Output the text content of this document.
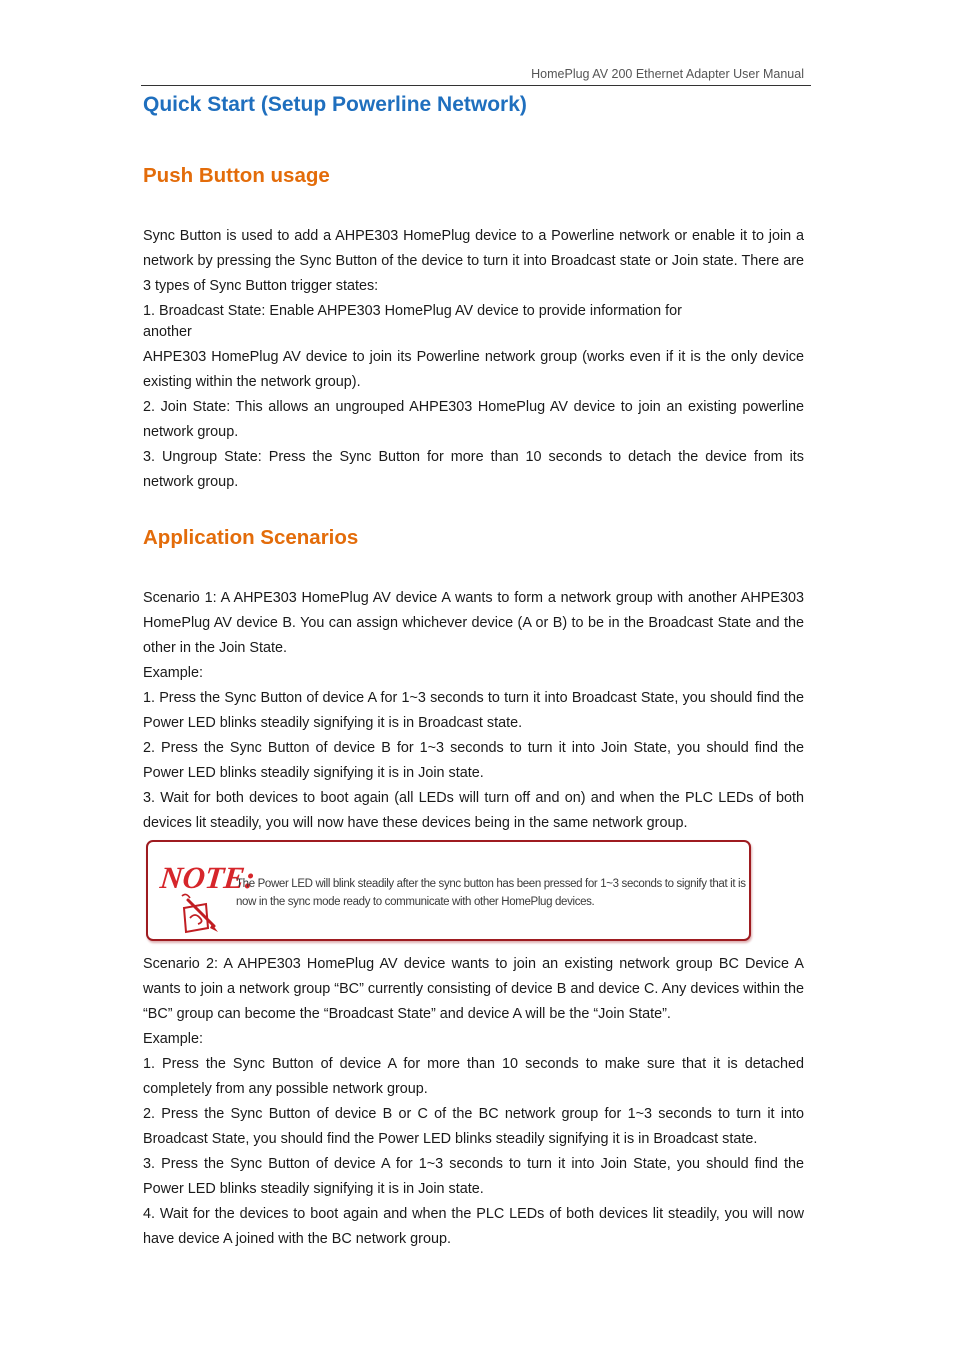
HomePlug AV 200 Ethernet Adapter User Manual
Quick Start (Setup Powerline Network)
Push Button usage

Sync Button is used to add a AHPE303 HomePlug device to a Powerline network or enable it to join a network by pressing the Sync Button of the device to turn it into Broadcast state or Join state. There are 3 types of Sync Button trigger states:

1. Broadcast State: Enable AHPE303 HomePlug AV device to provide information for

another

AHPE303 HomePlug AV device to join its Powerline network group (works even if it is the only device existing within the network group).

2. Join State: This allows an ungrouped AHPE303 HomePlug AV device to join an existing powerline network group.

3. Ungroup State: Press the Sync Button for more than 10 seconds to detach the device from its network group.

Application Scenarios

Scenario 1: A AHPE303 HomePlug AV device A wants to form a network group with another AHPE303 HomePlug AV device B. You can assign whichever device (A or B) to be in the Broadcast State and the other in the Join State.

Example:

1. Press the Sync Button of device A for 1~3 seconds to turn it into Broadcast State, you should find the Power LED blinks steadily signifying it is in Broadcast state.

2. Press the Sync Button of device B for 1~3 seconds to turn it into Join State, you should find the Power LED blinks steadily signifying it is in Join state.

3. Wait for both devices to boot again (all LEDs will turn off and on) and when the PLC LEDs of both devices lit steadily, you will now have these devices being in the same network group.

NOTE:

The Power LED will blink steadily after the sync button has been pressed for 1~3 seconds to signify that it is now in the sync mode ready to communicate with other HomePlug devices.

Scenario 2: A AHPE303 HomePlug AV device wants to join an existing network group BC Device A wants to join a network group “BC” currently consisting of device B and device C. Any devices within the “BC” group can become the “Broadcast State” and device A will be the “Join State”.

Example:

1. Press the Sync Button of device A for more than 10 seconds to make sure that it is detached completely from any possible network group.

2. Press the Sync Button of device B or C of the BC network group for 1~3 seconds to turn it into Broadcast State, you should find the Power LED blinks steadily signifying it is in Broadcast state.

3. Press the Sync Button of device A for 1~3 seconds to turn it into Join State, you should find the Power LED blinks steadily signifying it is in Join state.

4. Wait for the devices to boot again and when the PLC LEDs of both devices lit steadily, you will now have device A joined with the BC network group.
